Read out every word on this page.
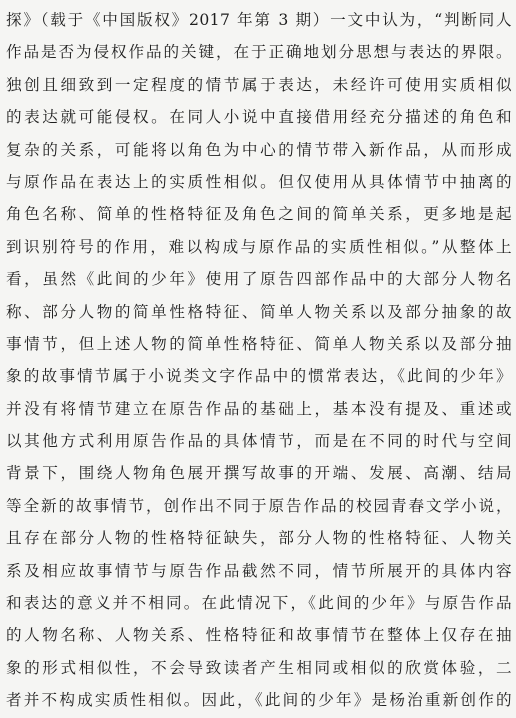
探》（载于《中国版权》2017 年第 3 期）一文中认为，“判断同人
作品是否为侵权作品的关键，在于正确地划分思想与表达的界限。
独创且细致到一定程度的情节属于表达，未经许可使用实质相似
的表达就可能侵权。在同人小说中直接借用经充分描述的角色和
复杂的关系，可能将以角色为中心的情节带入新作品，从而形成
与原作品在表达上的实质性相似。但仅使用从具体情节中抽离的
角色名称、简单的性格特征及角色之间的简单关系，更多地是起
到识别符号的作用，难以构成与原作品的实质性相似。”从整体上
看，虽然《此间的少年》使用了原告四部作品中的大部分人物名
称、部分人物的简单性格特征、简单人物关系以及部分抽象的故
事情节，但上述人物的简单性格特征、简单人物关系以及部分抽
象的故事情节属于小说类文字作品中的惯常表达，《此间的少年》
并没有将情节建立在原告作品的基础上，基本没有提及、重述或
以其他方式利用原告作品的具体情节，而是在不同的时代与空间
背景下，围绕人物角色展开撰写故事的开端、发展、高潮、结局
等全新的故事情节，创作出不同于原告作品的校园青春文学小说，
且存在部分人物的性格特征缺失，部分人物的性格特征、人物关
系及相应故事情节与原告作品截然不同，情节所展开的具体内容
和表达的意义并不相同。在此情况下，《此间的少年》与原告作品
的人物名称、人物关系、性格特征和故事情节在整体上仅存在抽
象的形式相似性，不会导致读者产生相同或相似的欣赏体验，二
者并不构成实质性相似。因此，《此间的少年》是杨治重新创作的
